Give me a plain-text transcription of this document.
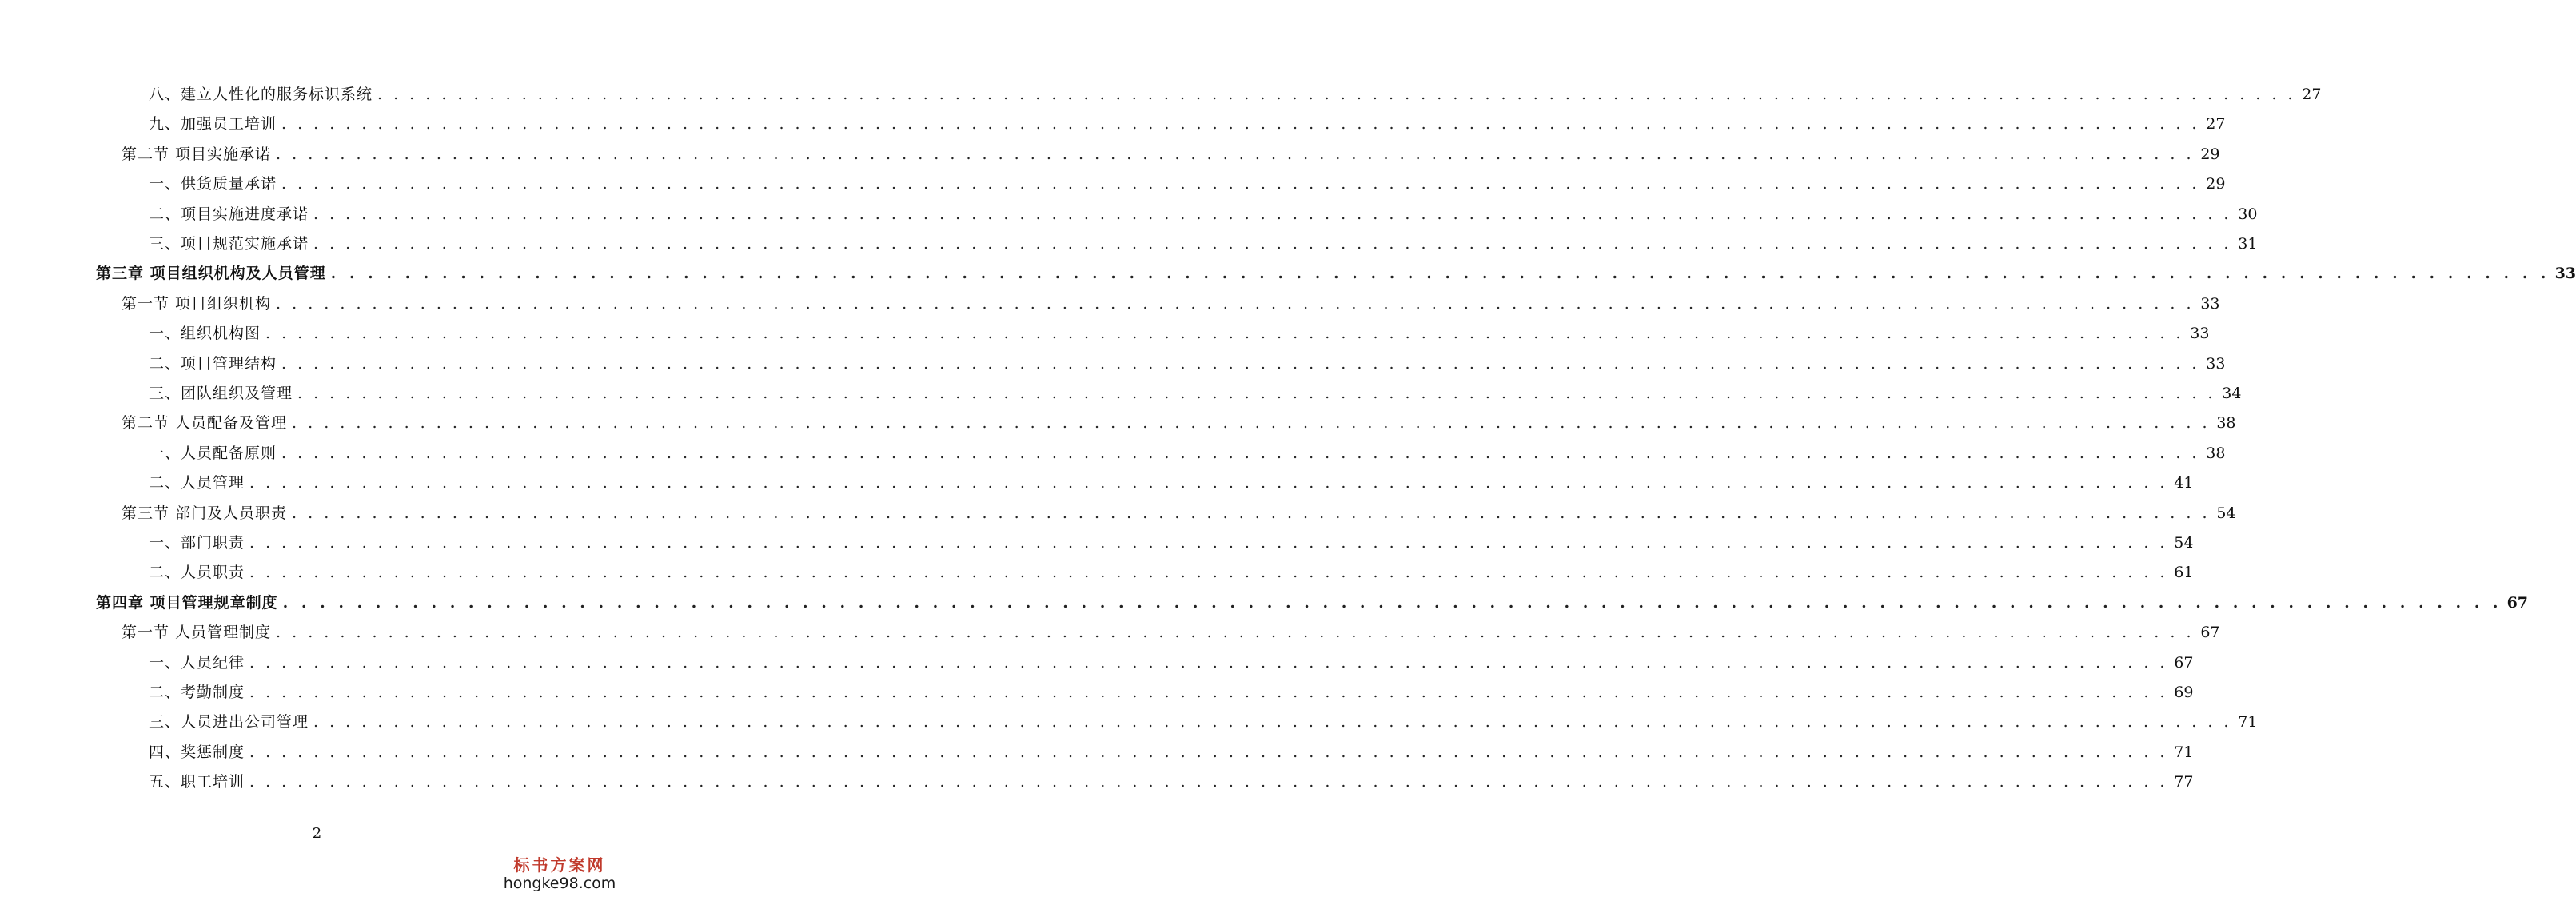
八、建立人性化的服务标识系统 . . . . . . . . . . . . . . . . . . . . . . . . . . . . . . . . . . . . . . . . . . . . . . . . . . . . . . . . . . . . . . . . . . . . . . . . . . . . . . . . . . . . . . . . . . . . . . . . . . . . . . . . . . . . . . . . . . . . . . . . 27
九、加强员工培训 . . . . . . . . . . . . . . . . . . . . . . . . . . . . . . . . . . . . . . . . . . . . . . . . . . . . . . . . . . . . . . . . . . . . . . . . . . . . . . . . . . . . . . . . . . . . . . . . . . . . . . . . . . . . . . . . . . . . . . . . 27
第二节 项目实施承诺 . . . . . . . . . . . . . . . . . . . . . . . . . . . . . . . . . . . . . . . . . . . . . . . . . . . . . . . . . . . . . . . . . . . . . . . . . . . . . . . . . . . . . . . . . . . . . . . . . . . . . . . . . . . . . . . . . . . . . . . . 29
一、供货质量承诺 . . . . . . . . . . . . . . . . . . . . . . . . . . . . . . . . . . . . . . . . . . . . . . . . . . . . . . . . . . . . . . . . . . . . . . . . . . . . . . . . . . . . . . . . . . . . . . . . . . . . . . . . . . . . . . . . . . . . . . . . 29
二、项目实施进度承诺 . . . . . . . . . . . . . . . . . . . . . . . . . . . . . . . . . . . . . . . . . . . . . . . . . . . . . . . . . . . . . . . . . . . . . . . . . . . . . . . . . . . . . . . . . . . . . . . . . . . . . . . . . . . . . . . . . . . . . . . . 30
三、项目规范实施承诺 . . . . . . . . . . . . . . . . . . . . . . . . . . . . . . . . . . . . . . . . . . . . . . . . . . . . . . . . . . . . . . . . . . . . . . . . . . . . . . . . . . . . . . . . . . . . . . . . . . . . . . . . . . . . . . . . . . . . . . . . 31
第三章 项目组织机构及人员管理 . . . . . . . . . . . . . . . . . . . . . . . . . . . . . . . . . . . . . . . . . . . . . . . . . . . . . . . . . . . . . . . . . . . . . . . . . . . . . . . . . . . . . . . . . . . . . . . . . . . . . . . . . . . . . . . . . . . . . . . . 33
第一节 项目组织机构 . . . . . . . . . . . . . . . . . . . . . . . . . . . . . . . . . . . . . . . . . . . . . . . . . . . . . . . . . . . . . . . . . . . . . . . . . . . . . . . . . . . . . . . . . . . . . . . . . . . . . . . . . . . . . . . . . . . . . . . . 33
一、组织机构图 . . . . . . . . . . . . . . . . . . . . . . . . . . . . . . . . . . . . . . . . . . . . . . . . . . . . . . . . . . . . . . . . . . . . . . . . . . . . . . . . . . . . . . . . . . . . . . . . . . . . . . . . . . . . . . . . . . . . . . . . 33
二、项目管理结构 . . . . . . . . . . . . . . . . . . . . . . . . . . . . . . . . . . . . . . . . . . . . . . . . . . . . . . . . . . . . . . . . . . . . . . . . . . . . . . . . . . . . . . . . . . . . . . . . . . . . . . . . . . . . . . . . . . . . . . . . 33
三、团队组织及管理 . . . . . . . . . . . . . . . . . . . . . . . . . . . . . . . . . . . . . . . . . . . . . . . . . . . . . . . . . . . . . . . . . . . . . . . . . . . . . . . . . . . . . . . . . . . . . . . . . . . . . . . . . . . . . . . . . . . . . . . . 34
第二节 人员配备及管理 . . . . . . . . . . . . . . . . . . . . . . . . . . . . . . . . . . . . . . . . . . . . . . . . . . . . . . . . . . . . . . . . . . . . . . . . . . . . . . . . . . . . . . . . . . . . . . . . . . . . . . . . . . . . . . . . . . . . . . . . 38
一、人员配备原则 . . . . . . . . . . . . . . . . . . . . . . . . . . . . . . . . . . . . . . . . . . . . . . . . . . . . . . . . . . . . . . . . . . . . . . . . . . . . . . . . . . . . . . . . . . . . . . . . . . . . . . . . . . . . . . . . . . . . . . . . 38
二、人员管理 . . . . . . . . . . . . . . . . . . . . . . . . . . . . . . . . . . . . . . . . . . . . . . . . . . . . . . . . . . . . . . . . . . . . . . . . . . . . . . . . . . . . . . . . . . . . . . . . . . . . . . . . . . . . . . . . . . . . . . . . 41
第三节 部门及人员职责 . . . . . . . . . . . . . . . . . . . . . . . . . . . . . . . . . . . . . . . . . . . . . . . . . . . . . . . . . . . . . . . . . . . . . . . . . . . . . . . . . . . . . . . . . . . . . . . . . . . . . . . . . . . . . . . . . . . . . . . . 54
一、部门职责 . . . . . . . . . . . . . . . . . . . . . . . . . . . . . . . . . . . . . . . . . . . . . . . . . . . . . . . . . . . . . . . . . . . . . . . . . . . . . . . . . . . . . . . . . . . . . . . . . . . . . . . . . . . . . . . . . . . . . . . . 54
二、人员职责 . . . . . . . . . . . . . . . . . . . . . . . . . . . . . . . . . . . . . . . . . . . . . . . . . . . . . . . . . . . . . . . . . . . . . . . . . . . . . . . . . . . . . . . . . . . . . . . . . . . . . . . . . . . . . . . . . . . . . . . . 61
第四章 项目管理规章制度 . . . . . . . . . . . . . . . . . . . . . . . . . . . . . . . . . . . . . . . . . . . . . . . . . . . . . . . . . . . . . . . . . . . . . . . . . . . . . . . . . . . . . . . . . . . . . . . . . . . . . . . . . . . . . . . . . . . . . . . . 67
第一节 人员管理制度 . . . . . . . . . . . . . . . . . . . . . . . . . . . . . . . . . . . . . . . . . . . . . . . . . . . . . . . . . . . . . . . . . . . . . . . . . . . . . . . . . . . . . . . . . . . . . . . . . . . . . . . . . . . . . . . . . . . . . . . . 67
一、人员纪律 . . . . . . . . . . . . . . . . . . . . . . . . . . . . . . . . . . . . . . . . . . . . . . . . . . . . . . . . . . . . . . . . . . . . . . . . . . . . . . . . . . . . . . . . . . . . . . . . . . . . . . . . . . . . . . . . . . . . . . . . 67
二、考勤制度 . . . . . . . . . . . . . . . . . . . . . . . . . . . . . . . . . . . . . . . . . . . . . . . . . . . . . . . . . . . . . . . . . . . . . . . . . . . . . . . . . . . . . . . . . . . . . . . . . . . . . . . . . . . . . . . . . . . . . . . . 69
三、人员进出公司管理 . . . . . . . . . . . . . . . . . . . . . . . . . . . . . . . . . . . . . . . . . . . . . . . . . . . . . . . . . . . . . . . . . . . . . . . . . . . . . . . . . . . . . . . . . . . . . . . . . . . . . . . . . . . . . . . . . . . . . . . . 71
四、奖惩制度 . . . . . . . . . . . . . . . . . . . . . . . . . . . . . . . . . . . . . . . . . . . . . . . . . . . . . . . . . . . . . . . . . . . . . . . . . . . . . . . . . . . . . . . . . . . . . . . . . . . . . . . . . . . . . . . . . . . . . . . . 71
五、职工培训 . . . . . . . . . . . . . . . . . . . . . . . . . . . . . . . . . . . . . . . . . . . . . . . . . . . . . . . . . . . . . . . . . . . . . . . . . . . . . . . . . . . . . . . . . . . . . . . . . . . . . . . . . . . . . . . . . . . . . . . . 77
2
标书方案网
hongke98.com
